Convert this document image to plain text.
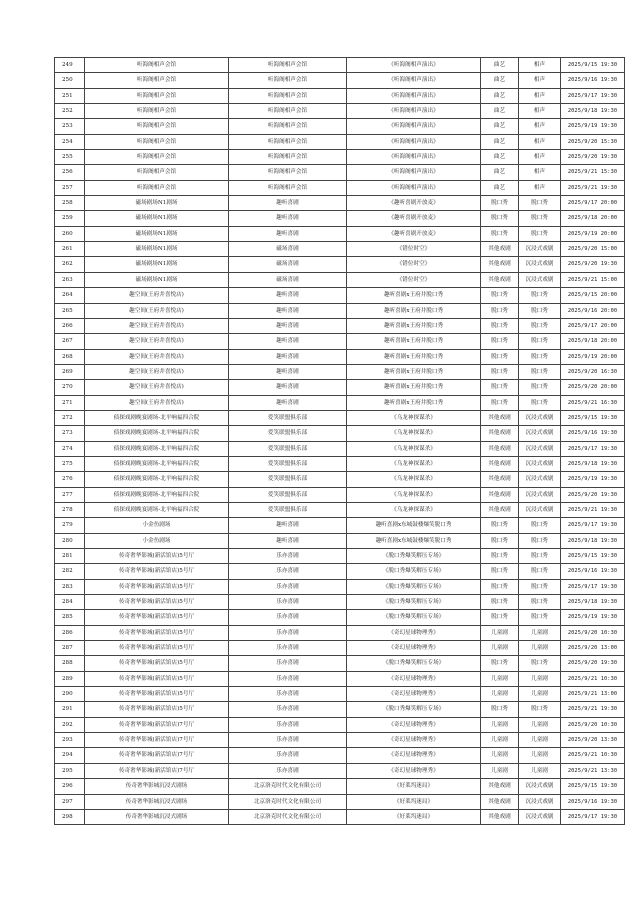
249	听海阁相声会馆	听海阁相声会馆	《听海阁相声演出》	曲艺	相声	2025/9/15 19:30
250	听海阁相声会馆	听海阁相声会馆	《听海阁相声演出》	曲艺	相声	2025/9/16 19:30
251	听海阁相声会馆	听海阁相声会馆	《听海阁相声演出》	曲艺	相声	2025/9/17 19:30
252	听海阁相声会馆	听海阁相声会馆	《听海阁相声演出》	曲艺	相声	2025/9/18 19:30
253	听海阁相声会馆	听海阁相声会馆	《听海阁相声演出》	曲艺	相声	2025/9/19 19:30
254	听海阁相声会馆	听海阁相声会馆	《听海阁相声演出》	曲艺	相声	2025/9/20 15:30
255	听海阁相声会馆	听海阁相声会馆	《听海阁相声演出》	曲艺	相声	2025/9/20 19:30
256	听海阁相声会馆	听海阁相声会馆	《听海阁相声演出》	曲艺	相声	2025/9/21 15:30
257	听海阁相声会馆	听海阁相声会馆	《听海阁相声演出》	曲艺	相声	2025/9/21 19:30
258	磁场剧场N1剧场	趣听喜剧	《趣听喜剧开放麦》	脱口秀	脱口秀	2025/9/17 20:00
259	磁场剧场N1剧场	趣听喜剧	《趣听喜剧开放麦》	脱口秀	脱口秀	2025/9/18 20:00
260	磁场剧场N1剧场	趣听喜剧	《趣听喜剧开放麦》	脱口秀	脱口秀	2025/9/19 20:00
261	磁场剧场N1剧场	磁场喜剧	《错位时空》	其他戏剧	沉浸式戏剧	2025/9/20 15:00
262	磁场剧场N1剧场	磁场喜剧	《错位时空》	其他戏剧	沉浸式戏剧	2025/9/20 19:30
263	磁场剧场N1剧场	磁场喜剧	《错位时空》	其他戏剧	沉浸式戏剧	2025/9/21 15:00
264	趣空间(王府井喜悦店)	趣听喜剧	趣听喜剧x王府井脱口秀	脱口秀	脱口秀	2025/9/15 20:00
265	趣空间(王府井喜悦店)	趣听喜剧	趣听喜剧x王府井脱口秀	脱口秀	脱口秀	2025/9/16 20:00
266	趣空间(王府井喜悦店)	趣听喜剧	趣听喜剧x王府井脱口秀	脱口秀	脱口秀	2025/9/17 20:00
267	趣空间(王府井喜悦店)	趣听喜剧	趣听喜剧x王府井脱口秀	脱口秀	脱口秀	2025/9/18 20:00
268	趣空间(王府井喜悦店)	趣听喜剧	趣听喜剧x王府井脱口秀	脱口秀	脱口秀	2025/9/19 20:00
269	趣空间(王府井喜悦店)	趣听喜剧	趣听喜剧x王府井脱口秀	脱口秀	脱口秀	2025/9/20 16:30
270	趣空间(王府井喜悦店)	趣听喜剧	趣听喜剧x王府井脱口秀	脱口秀	脱口秀	2025/9/20 20:00
271	趣空间(王府井喜悦店)	趣听喜剧	趣听喜剧x王府井脱口秀	脱口秀	脱口秀	2025/9/21 16:30
272	侦探戏剧晚宴剧场-北平响福四合院	爱笑联盟俱乐部	《乌龙神探谋杀》	其他戏剧	沉浸式戏剧	2025/9/15 19:30
273	侦探戏剧晚宴剧场-北平响福四合院	爱笑联盟俱乐部	《乌龙神探谋杀》	其他戏剧	沉浸式戏剧	2025/9/16 19:30
274	侦探戏剧晚宴剧场-北平响福四合院	爱笑联盟俱乐部	《乌龙神探谋杀》	其他戏剧	沉浸式戏剧	2025/9/17 19:30
275	侦探戏剧晚宴剧场-北平响福四合院	爱笑联盟俱乐部	《乌龙神探谋杀》	其他戏剧	沉浸式戏剧	2025/9/18 19:30
276	侦探戏剧晚宴剧场-北平响福四合院	爱笑联盟俱乐部	《乌龙神探谋杀》	其他戏剧	沉浸式戏剧	2025/9/19 19:30
277	侦探戏剧晚宴剧场-北平响福四合院	爱笑联盟俱乐部	《乌龙神探谋杀》	其他戏剧	沉浸式戏剧	2025/9/20 19:30
278	侦探戏剧晚宴剧场-北平响福四合院	爱笑联盟俱乐部	《乌龙神探谋杀》	其他戏剧	沉浸式戏剧	2025/9/21 19:30
279	小金鱼剧场	趣听喜剧	趣听喜剧x东城鼓楼爆笑脱口秀	脱口秀	脱口秀	2025/9/17 19:30
280	小金鱼剧场	趣听喜剧	趣听喜剧x东城鼓楼爆笑脱口秀	脱口秀	脱口秀	2025/9/18 19:30
281	传奇奢华影城(新活馆店)5号厅	乐亦喜剧	《脱口秀爆笑解压专场》	脱口秀	脱口秀	2025/9/15 19:30
282	传奇奢华影城(新活馆店)5号厅	乐亦喜剧	《脱口秀爆笑解压专场》	脱口秀	脱口秀	2025/9/16 19:30
283	传奇奢华影城(新活馆店)5号厅	乐亦喜剧	《脱口秀爆笑解压专场》	脱口秀	脱口秀	2025/9/17 19:30
284	传奇奢华影城(新活馆店)5号厅	乐亦喜剧	《脱口秀爆笑解压专场》	脱口秀	脱口秀	2025/9/18 19:30
285	传奇奢华影城(新活馆店)5号厅	乐亦喜剧	《脱口秀爆笑解压专场》	脱口秀	脱口秀	2025/9/19 19:30
286	传奇奢华影城(新活馆店)5号厅	乐亦喜剧	《奇幻星球物理秀》	儿童剧	儿童剧	2025/9/20 10:30
287	传奇奢华影城(新活馆店)5号厅	乐亦喜剧	《奇幻星球物理秀》	儿童剧	儿童剧	2025/9/20 13:00
288	传奇奢华影城(新活馆店)5号厅	乐亦喜剧	《脱口秀爆笑解压专场》	脱口秀	脱口秀	2025/9/20 19:30
289	传奇奢华影城(新活馆店)5号厅	乐亦喜剧	《奇幻星球物理秀》	儿童剧	儿童剧	2025/9/21 10:30
290	传奇奢华影城(新活馆店)5号厅	乐亦喜剧	《奇幻星球物理秀》	儿童剧	儿童剧	2025/9/21 13:00
291	传奇奢华影城(新活馆店)5号厅	乐亦喜剧	《脱口秀爆笑解压专场》	脱口秀	脱口秀	2025/9/21 19:30
292	传奇奢华影城(新活馆店)7号厅	乐亦喜剧	《奇幻星球物理秀》	儿童剧	儿童剧	2025/9/20 10:30
293	传奇奢华影城(新活馆店)7号厅	乐亦喜剧	《奇幻星球物理秀》	儿童剧	儿童剧	2025/9/20 13:30
294	传奇奢华影城(新活馆店)7号厅	乐亦喜剧	《奇幻星球物理秀》	儿童剧	儿童剧	2025/9/21 10:30
295	传奇奢华影城(新活馆店)7号厅	乐亦喜剧	《奇幻星球物理秀》	儿童剧	儿童剧	2025/9/21 13:30
296	传奇奢华影城沉浸式剧场	北京洛克时代文化有限公司	《好莱坞迷局》	其他戏剧	沉浸式戏剧	2025/9/15 19:30
297	传奇奢华影城沉浸式剧场	北京洛克时代文化有限公司	《好莱坞迷局》	其他戏剧	沉浸式戏剧	2025/9/16 19:30
298	传奇奢华影城沉浸式剧场	北京洛克时代文化有限公司	《好莱坞迷局》	其他戏剧	沉浸式戏剧	2025/9/17 19:30
